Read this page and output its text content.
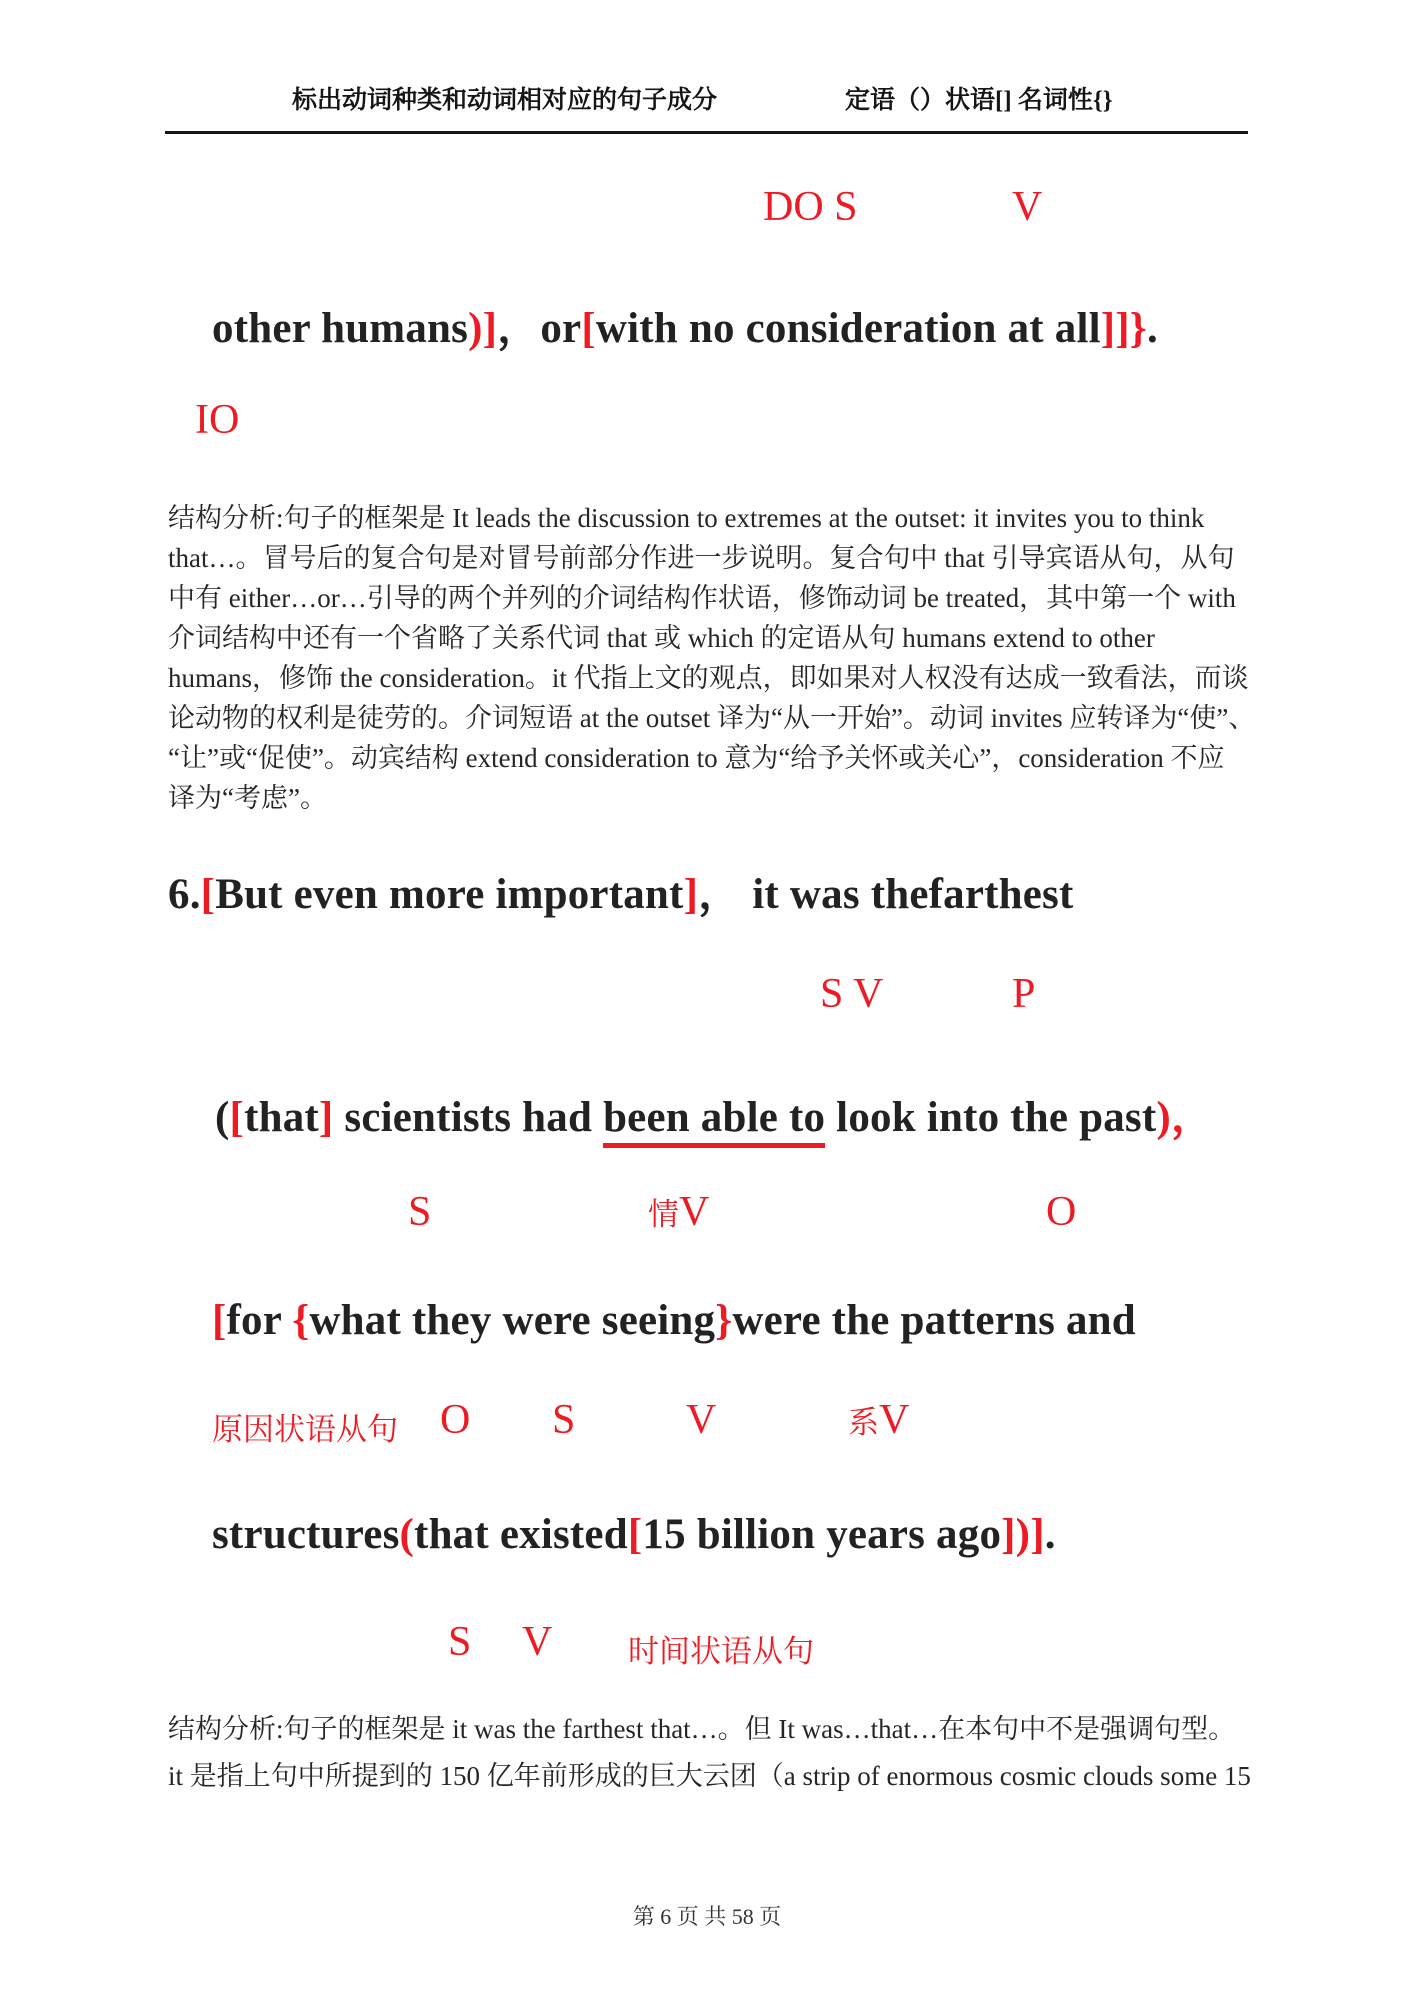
标出动词种类和动词相对应的句子成分	定语（）状语[] 名词性{}
DO S	V
other humans)]，or[with no consideration at all]]}.
IO
结构分析:句子的框架是 It leads the discussion to extremes at the outset: it invites you to think
that…。冒号后的复合句是对冒号前部分作进一步说明。复合句中 that 引导宾语从句，从句
中有 either…or…引导的两个并列的介词结构作状语，修饰动词 be treated，其中第一个 with
介词结构中还有一个省略了关系代词 that 或 which 的定语从句 humans extend to other
humans，修饰 the consideration。it 代指上文的观点，即如果对人权没有达成一致看法，而谈
论动物的权利是徒劳的。介词短语 at the outset 译为“从一开始”。动词 invites 应转译为“使”、
“让”或“促使”。动宾结构 extend consideration to 意为“给予关怀或关心”，consideration 不应
译为“考虑”。
6.[But even more important]， it was thefarthest
S V	P
([that] scientists had been able to look into the past)，
S	情 V	O
[for {what they were seeing}were the patterns and
原因状语从句 O S	V	系 V
structures(that existed[15 billion years ago])].
S V 时间状语从句
结构分析:句子的框架是 it was the farthest that…。但 It was…that…在本句中不是强调句型。
it 是指上句中所提到的 150 亿年前形成的巨大云团（a strip of enormous cosmic clouds some 15
第 6 页 共 58 页
